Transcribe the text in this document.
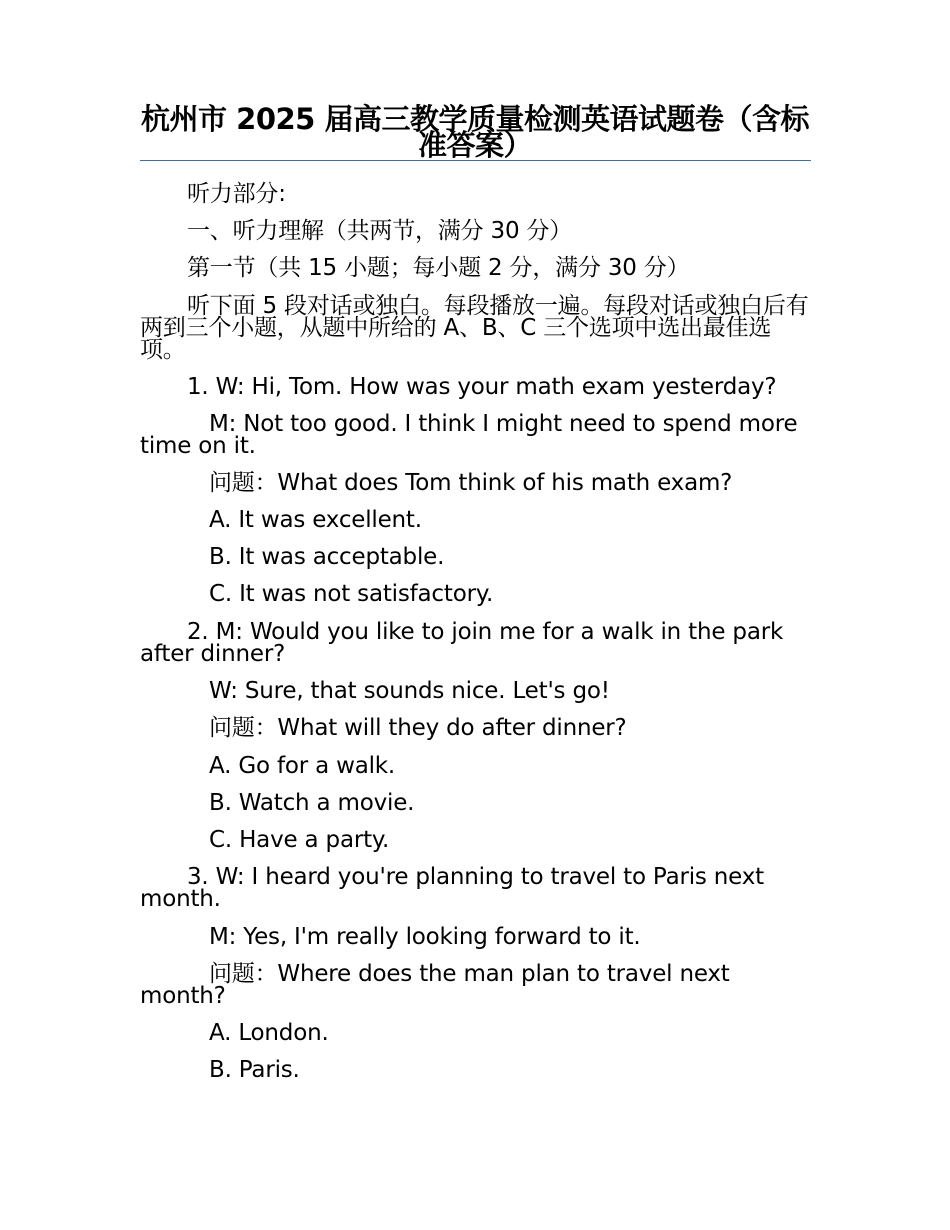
杭州市 2025 届高三教学质量检测英语试题卷（含标准答案）
听力部分:
一、听力理解（共两节，满分 30 分）
第一节（共 15 小题；每小题 2 分，满分 30 分）
听下面 5 段对话或独白。每段播放一遍。每段对话或独白后有两到三个小题，从题中所给的 A、B、C 三个选项中选出最佳选项。
1. W: Hi, Tom. How was your math exam yesterday?
M: Not too good. I think I might need to spend more time on it.
问题：What does Tom think of his math exam?
A. It was excellent.
B. It was acceptable.
C. It was not satisfactory.
2. M: Would you like to join me for a walk in the park after dinner?
W: Sure, that sounds nice. Let's go!
问题：What will they do after dinner?
A. Go for a walk.
B. Watch a movie.
C. Have a party.
3. W: I heard you're planning to travel to Paris next month.
M: Yes, I'm really looking forward to it.
问题：Where does the man plan to travel next month?
A. London.
B. Paris.
